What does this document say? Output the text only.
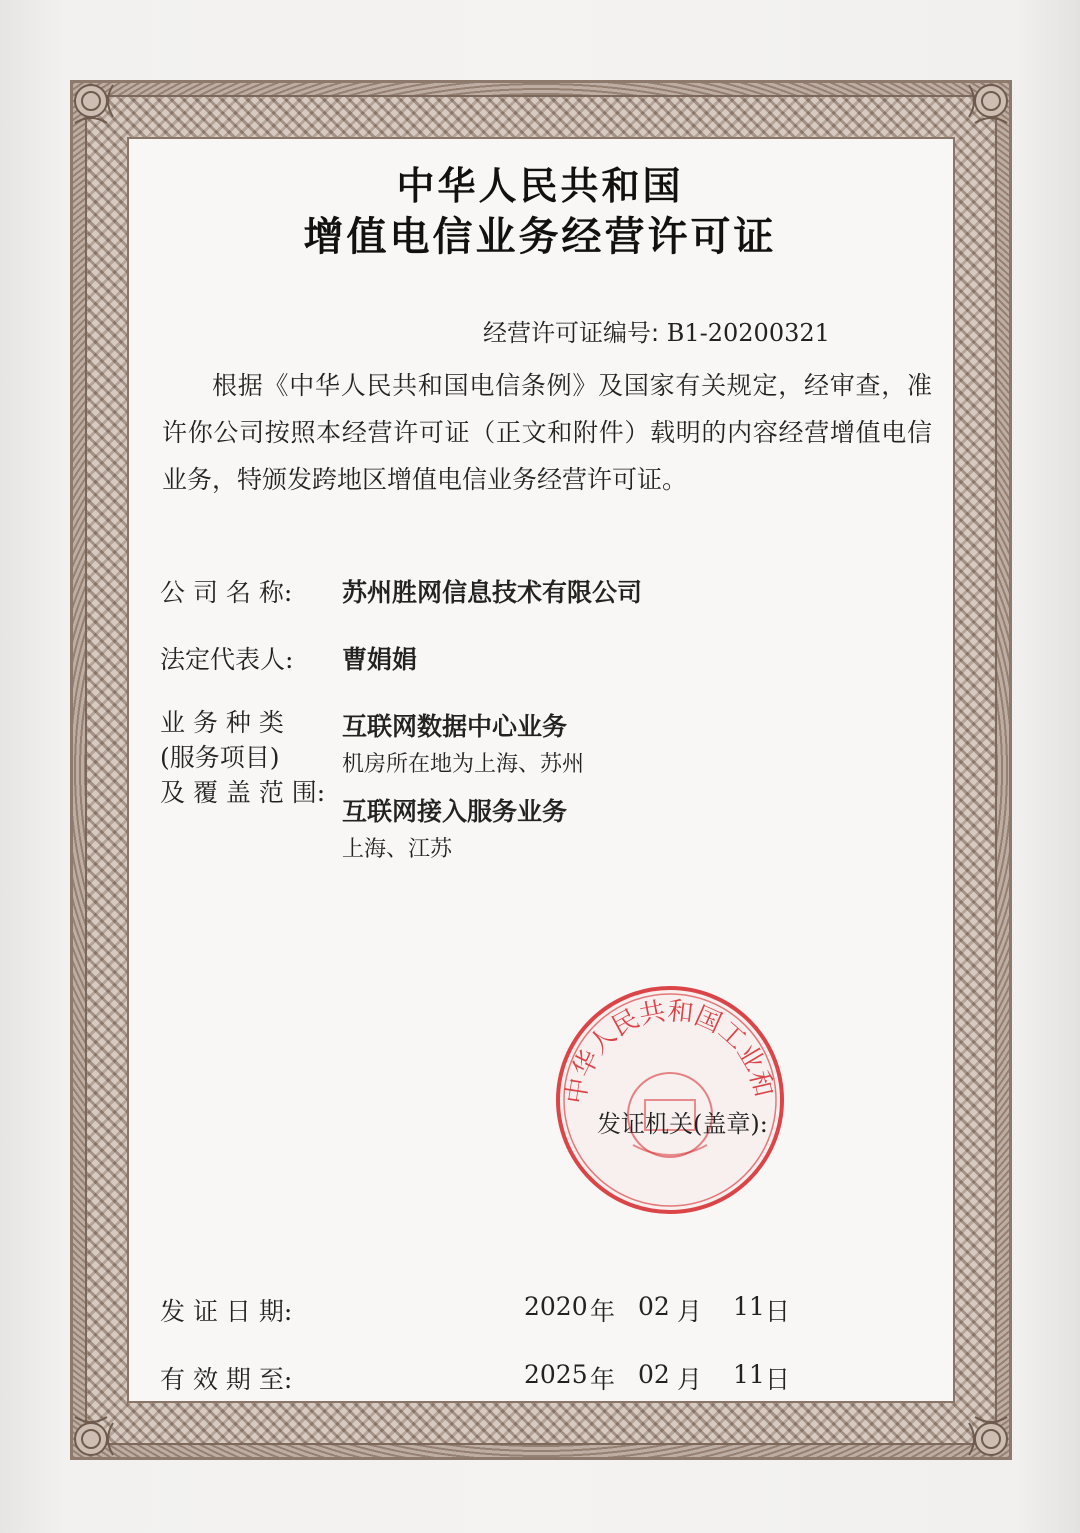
中华人民共和国
增值电信业务经营许可证
经营许可证编号: B1-20200321
根据《中华人民共和国电信条例》及国家有关规定，经审查，准许你公司按照本经营许可证（正文和附件）载明的内容经营增值电信业务，特颁发跨地区增值电信业务经营许可证。
公 司 名 称: 苏州胜网信息技术有限公司
法定代表人: 曹娟娟
业 务 种 类
(服务项目)
及 覆 盖 范 围:
互联网数据中心业务
机房所在地为上海、苏州
互联网接入服务业务
上海、江苏
中华人民共和国工业和
发证机关(盖章):
发 证 日 期:	2020 年 02 月 11 日
有 效 期 至:	2025 年 02 月 11 日
